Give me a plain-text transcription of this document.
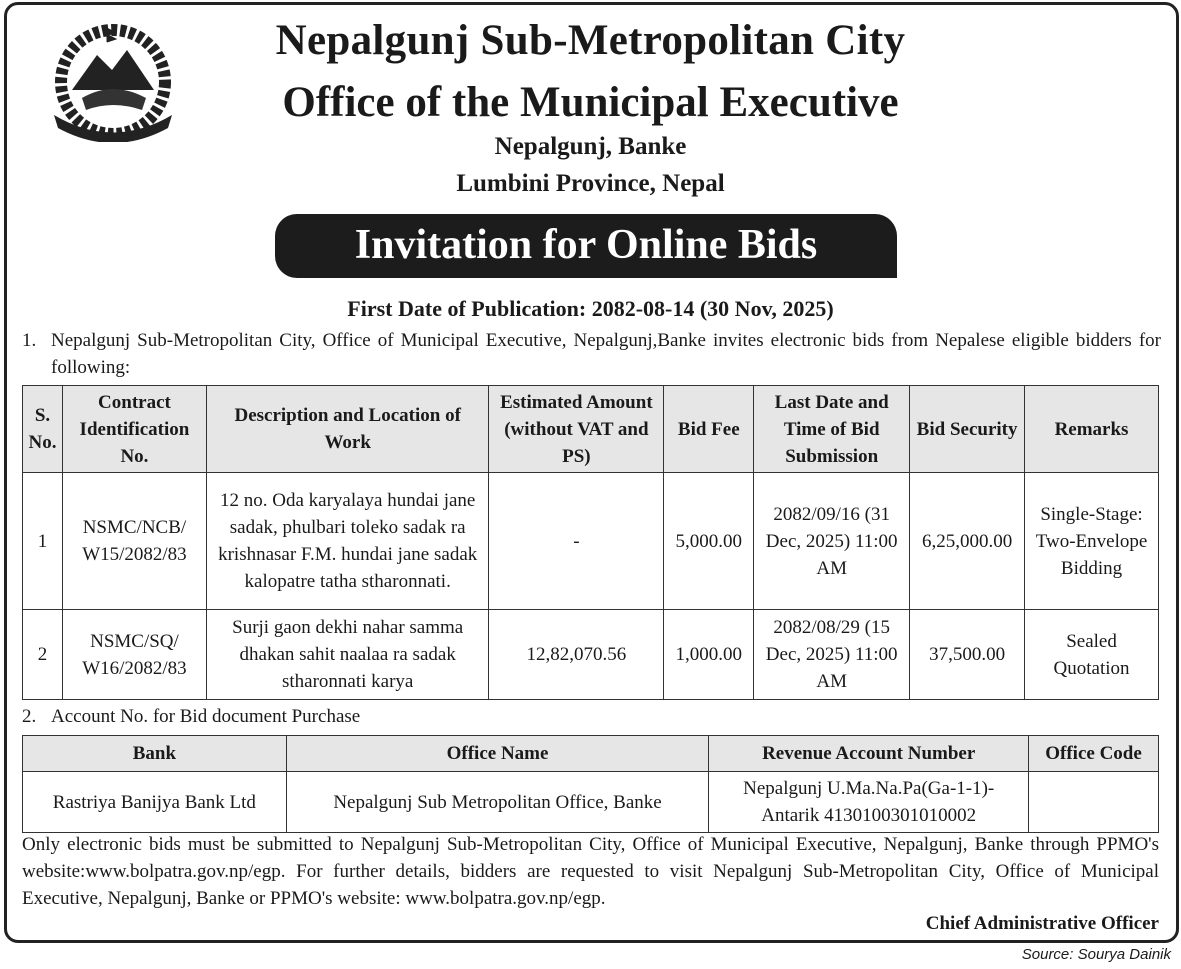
Nepalgunj Sub-Metropolitan City
Office of the Municipal Executive
Nepalgunj, Banke
Lumbini Province, Nepal
Invitation for Online Bids
First Date of Publication: 2082-08-14 (30 Nov, 2025)
1. Nepalgunj Sub-Metropolitan City, Office of Municipal Executive, Nepalgunj,Banke invites electronic bids from Nepalese eligible bidders for following:
S. No.	Contract Identification No.	Description and Location of Work	Estimated Amount (without VAT and PS)	Bid Fee	Last Date and Time of Bid Submission	Bid Security	Remarks
1	NSMC/NCB/ W15/2082/83	12 no. Oda karyalaya hundai jane sadak, phulbari toleko sadak ra krishnasar F.M. hundai jane sadak kalopatre tatha stharonnati.	-	5,000.00	2082/09/16 (31 Dec, 2025) 11:00 AM	6,25,000.00	Single-Stage: Two-Envelope Bidding
2	NSMC/SQ/ W16/2082/83	Surji gaon dekhi nahar samma dhakan sahit naalaa ra sadak stharonnati karya	12,82,070.56	1,000.00	2082/08/29 (15 Dec, 2025) 11:00 AM	37,500.00	Sealed Quotation
2. Account No. for Bid document Purchase
Bank	Office Name	Revenue Account Number	Office Code
Rastriya Banijya Bank Ltd	Nepalgunj Sub Metropolitan Office, Banke	Nepalgunj U.Ma.Na.Pa(Ga-1-1)- Antarik 4130100301010002	
Only electronic bids must be submitted to Nepalgunj Sub-Metropolitan City, Office of Municipal Executive, Nepalgunj, Banke through PPMO's website:www.bolpatra.gov.np/egp. For further details, bidders are requested to visit Nepalgunj Sub-Metropolitan City, Office of Municipal Executive, Nepalgunj, Banke or PPMO's website: www.bolpatra.gov.np/egp.
Chief Administrative Officer
Source: Sourya Dainik
